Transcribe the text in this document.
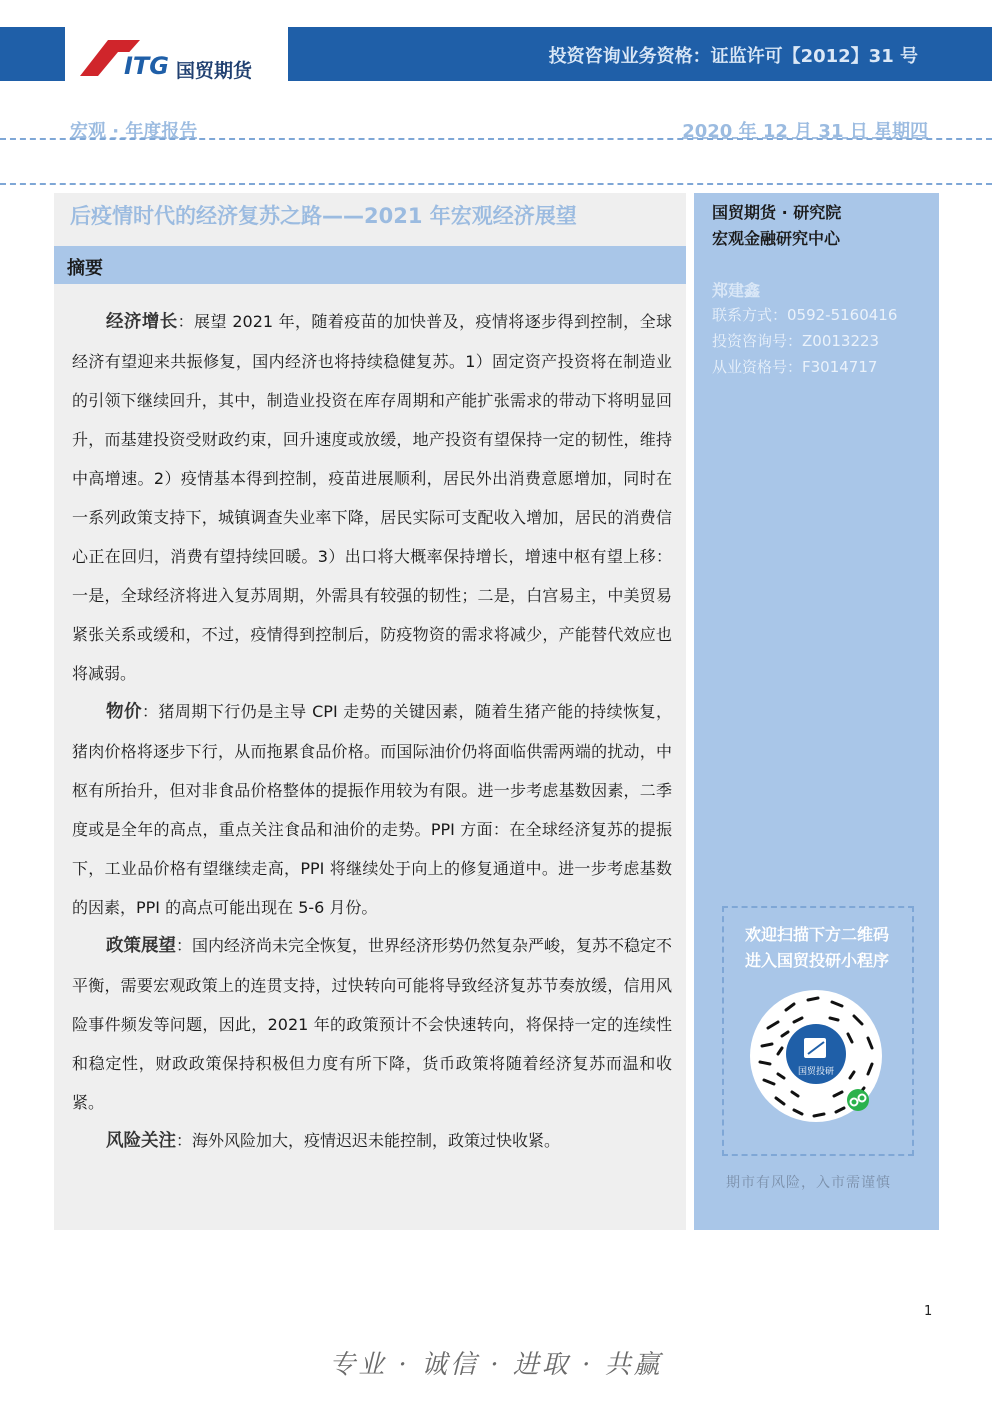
ITG 国贸期货
投资咨询业务资格：证监许可【2012】31 号
宏观 · 年度报告	2020 年 12 月 31 日 星期四
后疫情时代的经济复苏之路——2021 年宏观经济展望
摘要
经济增长：展望 2021 年，随着疫苗的加快普及，疫情将逐步得到控制，全球经济有望迎来共振修复，国内经济也将持续稳健复苏。1）固定资产投资将在制造业的引领下继续回升，其中，制造业投资在库存周期和产能扩张需求的带动下将明显回升，而基建投资受财政约束，回升速度或放缓，地产投资有望保持一定的韧性，维持中高增速。2）疫情基本得到控制，疫苗进展顺利，居民外出消费意愿增加，同时在一系列政策支持下，城镇调查失业率下降，居民实际可支配收入增加，居民的消费信心正在回归，消费有望持续回暖。3）出口将大概率保持增长，增速中枢有望上移：一是，全球经济将进入复苏周期，外需具有较强的韧性；二是，白宫易主，中美贸易紧张关系或缓和，不过，疫情得到控制后，防疫物资的需求将减少，产能替代效应也将减弱。
物价：猪周期下行仍是主导 CPI 走势的关键因素，随着生猪产能的持续恢复，猪肉价格将逐步下行，从而拖累食品价格。而国际油价仍将面临供需两端的扰动，中枢有所抬升，但对非食品价格整体的提振作用较为有限。进一步考虑基数因素，二季度或是全年的高点，重点关注食品和油价的走势。PPI 方面：在全球经济复苏的提振下，工业品价格有望继续走高，PPI 将继续处于向上的修复通道中。进一步考虑基数的因素，PPI 的高点可能出现在 5-6 月份。
政策展望：国内经济尚未完全恢复，世界经济形势仍然复杂严峻，复苏不稳定不平衡，需要宏观政策上的连贯支持，过快转向可能将导致经济复苏节奏放缓，信用风险事件频发等问题，因此，2021 年的政策预计不会快速转向，将保持一定的连续性和稳定性，财政政策保持积极但力度有所下降，货币政策将随着经济复苏而温和收紧。
风险关注：海外风险加大，疫情迟迟未能控制，政策过快收紧。
国贸期货 · 研究院
宏观金融研究中心
郑建鑫
联系方式：0592-5160416
投资咨询号：Z0013223
从业资格号：F3014717
欢迎扫描下方二维码
进入国贸投研小程序
国贸投研
期市有风险，入市需谨慎
1
专业 · 诚信 · 进取 · 共赢
